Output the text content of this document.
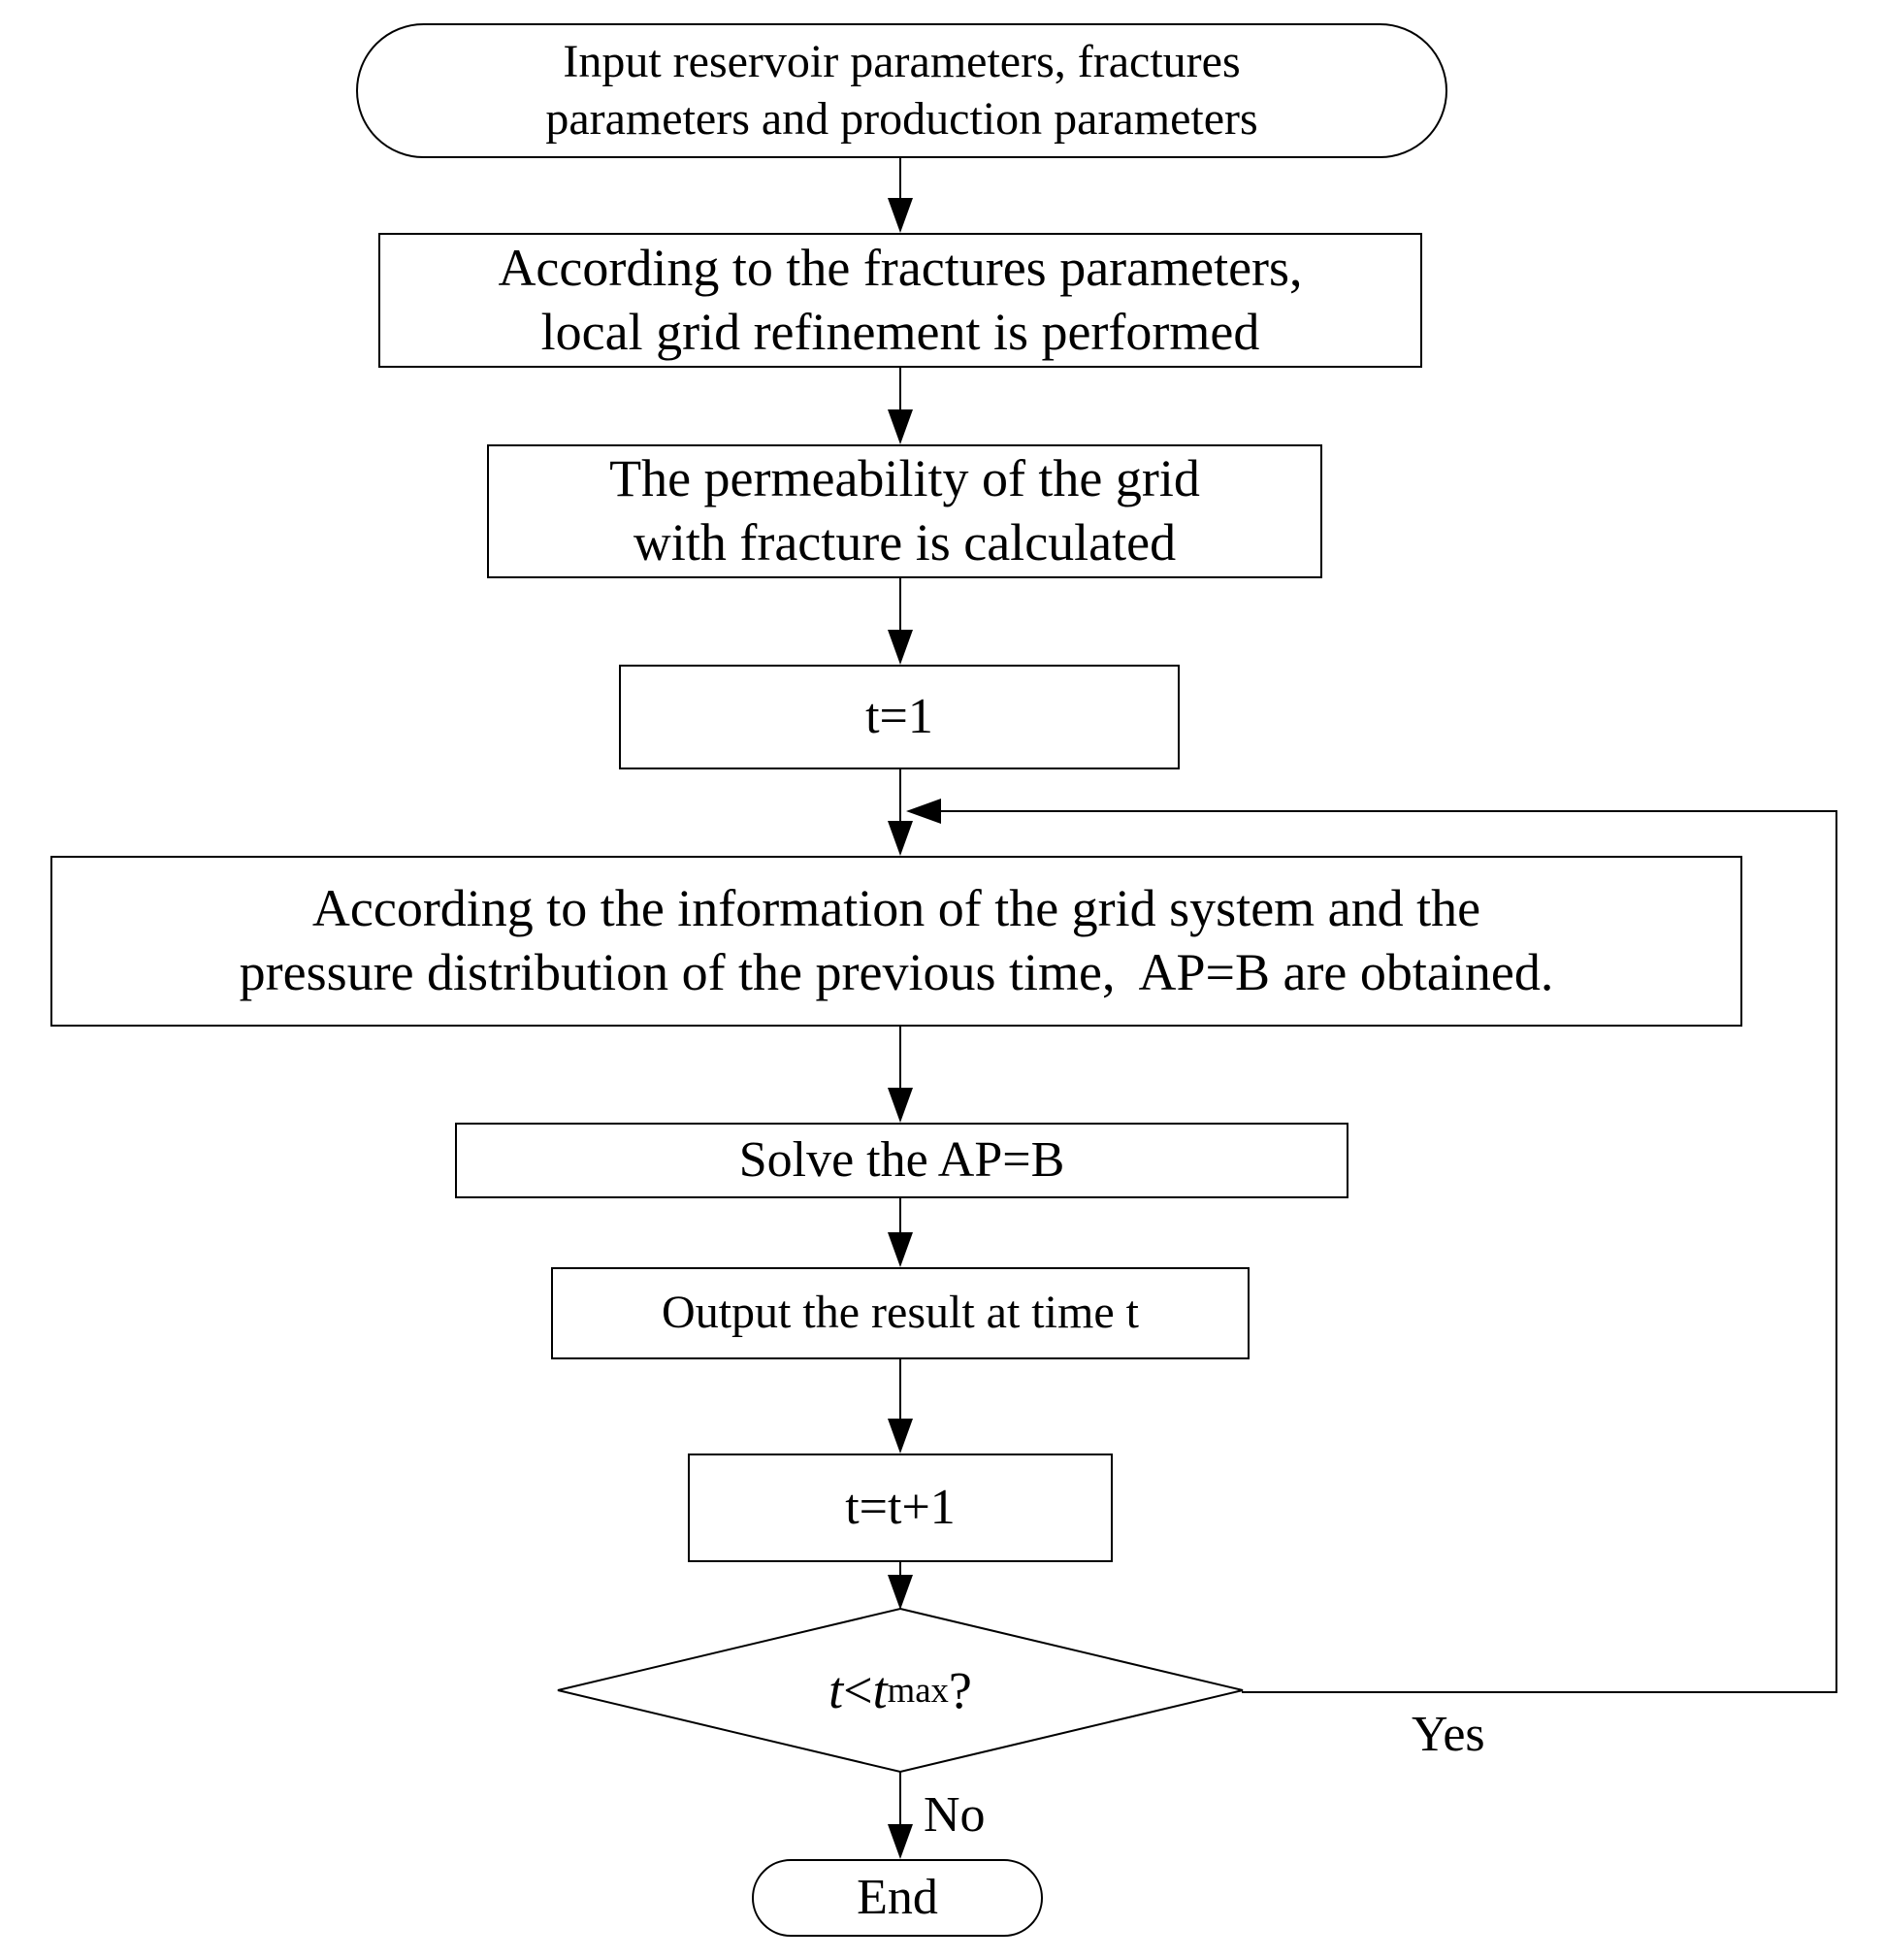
Input reservoir parameters, fractures
parameters and production parameters
According to the fractures parameters,
local grid refinement is performed
The permeability of the grid
with fracture is calculated
t=1
Yes
According to the information of the grid system and the
pressure distribution of the previous time,  AP=B are obtained.
Solve the AP=B
Output the result at time t
t=t+1
t < t max ?
No
End
